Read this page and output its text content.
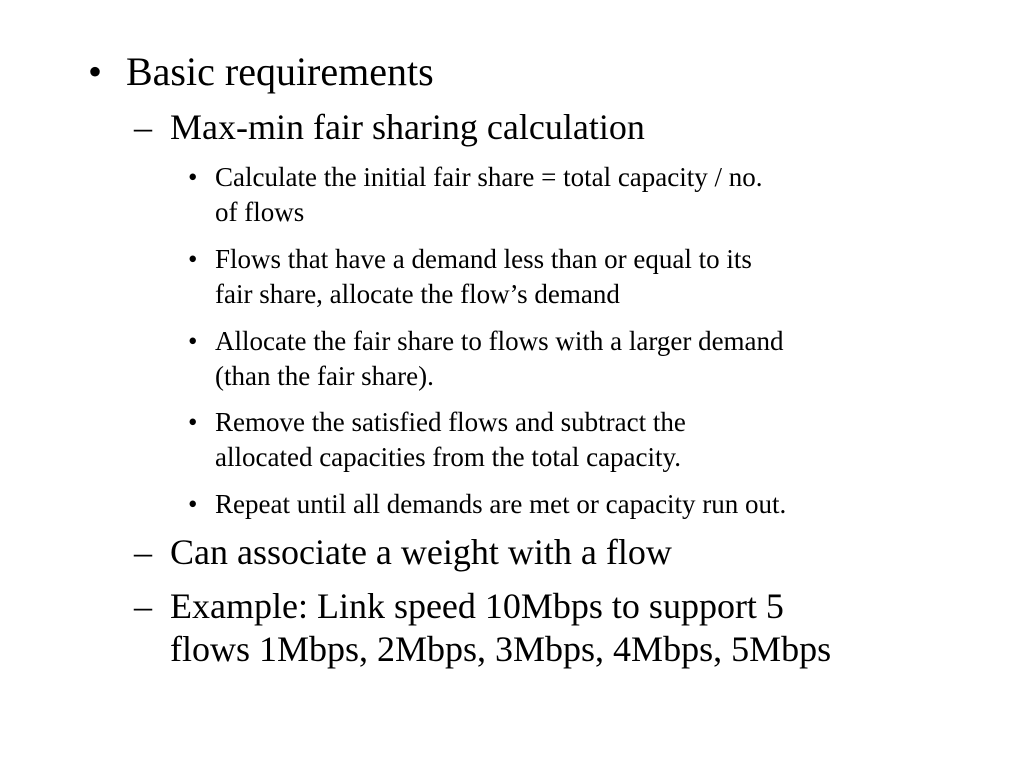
• Basic requirements
– Max-min fair sharing calculation
• Calculate the initial fair share = total capacity / no.
of flows
• Flows that have a demand less than or equal to its
fair share, allocate the flow’s demand
• Allocate the fair share to flows with a larger demand
(than the fair share).
• Remove the satisfied flows and subtract the
allocated capacities from the total capacity.
• Repeat until all demands are met or capacity run out.
– Can associate a weight with a flow
– Example: Link speed 10Mbps to support 5
flows 1Mbps, 2Mbps, 3Mbps, 4Mbps, 5Mbps
